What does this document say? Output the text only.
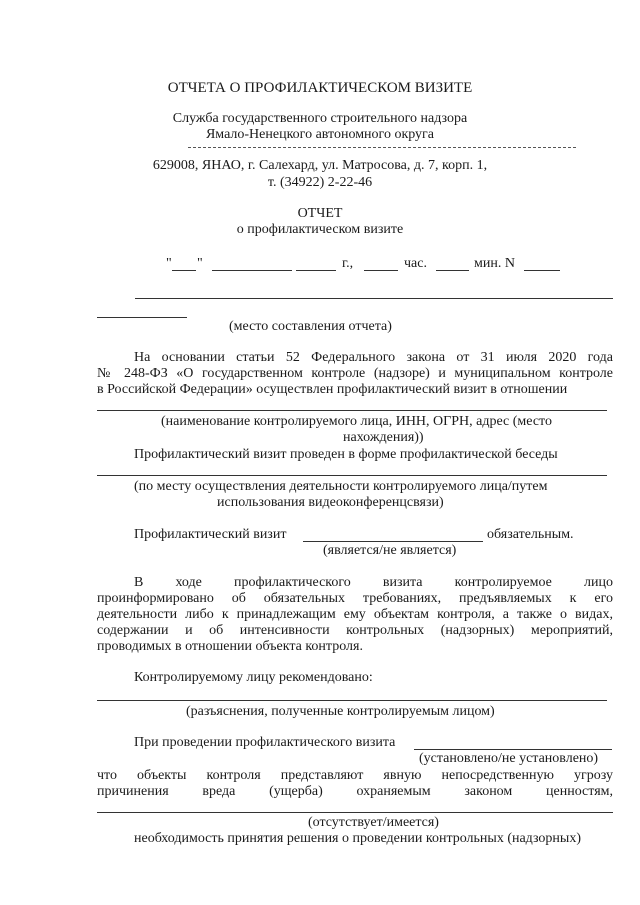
ОТЧЕТА О ПРОФИЛАКТИЧЕСКОМ ВИЗИТЕ
Служба государственного строительного надзора
Ямало-Ненецкого автономного округа
629008, ЯНАО, г. Салехард, ул. Матросова, д. 7, корп. 1,
т. (34922) 2-22-46
ОТЧЕТ
о профилактическом визите
" "	г.,	час.	мин. N
(место составления отчета)
На основании статьи 52 Федерального закона от 31 июля 2020 года
№ 248-ФЗ «О государственном контроле (надзоре) и муниципальном контроле
в Российской Федерации» осуществлен профилактический визит в отношении
(наименование контролируемого лица, ИНН, ОГРН, адрес (место
нахождения))
Профилактический визит проведен в форме профилактической беседы
(по месту осуществления деятельности контролируемого лица/путем
использования видеоконференцсвязи)
Профилактический визит	обязательным.
(является/не является)
В ходе профилактического визита контролируемое лицо
проинформировано об обязательных требованиях, предъявляемых к его
деятельности либо к принадлежащим ему объектам контроля, а также о видах,
содержании и об интенсивности контрольных (надзорных) мероприятий,
проводимых в отношении объекта контроля.
Контролируемому лицу рекомендовано:
(разъяснения, полученные контролируемым лицом)
При проведении профилактического визита
(установлено/не установлено)
что объекты контроля представляют явную непосредственную угрозу
причинения вреда (ущерба) охраняемым законом ценностям,
(отсутствует/имеется)
необходимость принятия решения о проведении контрольных (надзорных)
